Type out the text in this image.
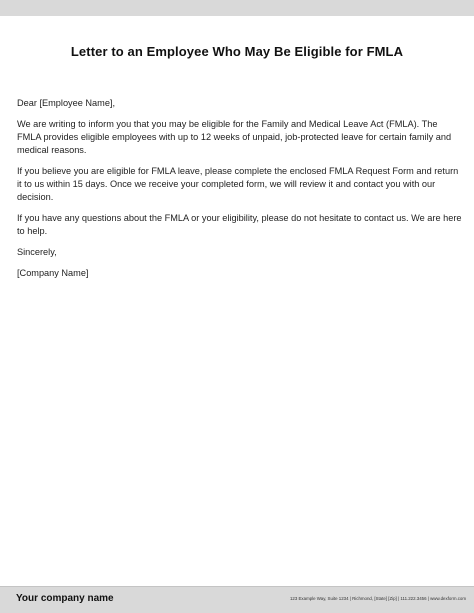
Letter to an Employee Who May Be Eligible for FMLA

Dear [Employee Name],

We are writing to inform you that you may be eligible for the Family and Medical Leave Act (FMLA). The FMLA provides eligible employees with up to 12 weeks of unpaid, job-protected leave for certain family and medical reasons.

If you believe you are eligible for FMLA leave, please complete the enclosed FMLA Request Form and return it to us within 15 days. Once we receive your completed form, we will review it and contact you with our decision.

If you have any questions about the FMLA or your eligibility, please do not hesitate to contact us. We are here to help.

Sincerely,

[Company Name]

Your company name	123 Example Way, Suite 1234 | Richmond, [State] [Zip] | 111.222.3456 | www.dexform.com
